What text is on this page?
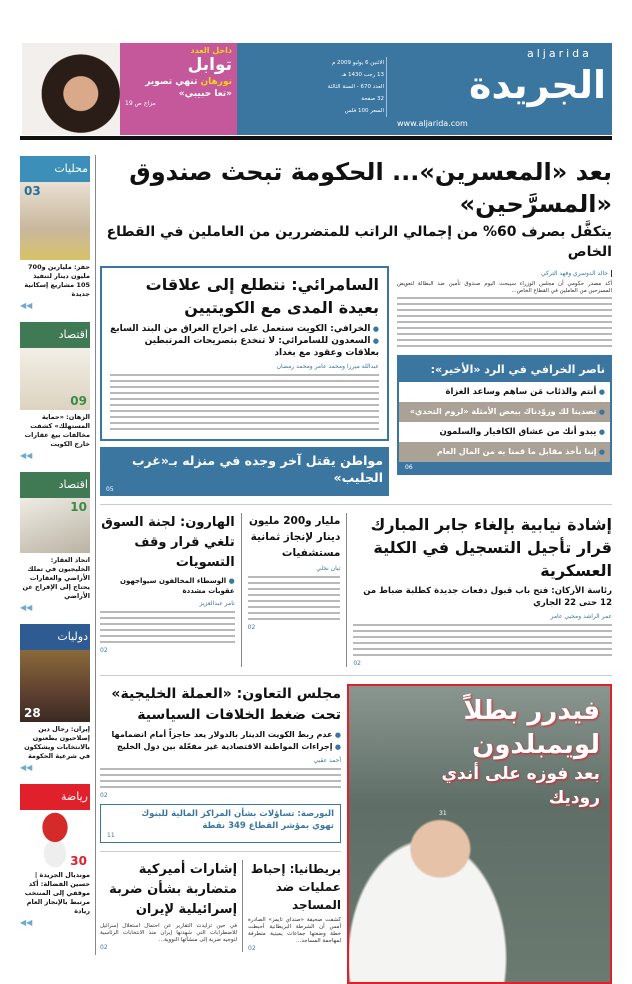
داخل العدد
توابل
نورهان تنهي تصوير
«تعا حبيبي»
مزاج ص 19
الاثنين 6 يوليو 2009 م
13 رجب 1430 هـ
العدد 670 - السنة الثالثة
32 صفحة
السعر 100 فلس
aljarida
الجريدة
www.aljarida.com
محليات
03
حفر: مليارين و700 مليون دينار لتنفيذ 105 مشاريع إسكانية جديدة
◀◀
اقتصاد
09
الزهان: «حماية المستهلك» كشفت مخالفات بيع عقارات خارج الكويت
◀◀
اقتصاد
10
اتحاد العقار: الخليجيون في تملك الأراضي والعقارات يحتاج إلى الإفراج عن الأراضي
◀◀
دوليات
28
إيران: رجال دين إصلاحيون يطعنون بالانتخابات ويشككون في شرعية الحكومة
◀◀
رياضة
30
مونديال الجريدة | حسين الفضالة: أكد موقفي إلى المنتخب مرتبط بالإنجاز العام ريادة
◀◀
بعد «المعسرين»... الحكومة تبحث صندوق «المسرَّحين»
يتكفَّل بصرف 60% من إجمالي الراتب للمتضررين من العاملين في القطاع الخاص
خالد الدوسري وفهد التركي
أكد مصدر حكومي أن مجلس الوزراء سيبحث اليوم صندوق تأمين ضد البطالة لتعويض المسرحين من العاملين في القطاع الخاص...
ناصر الخرافي في الرد «الأخير»:
● أنتم والذئاب مَن ساهم وساعد الغزاة
● تصدينا لك وزوّدناك ببعض الأمثلة «لزوم التحدي»
● يبدو أنك من عشاق الكافيار والسلمون
● إننا نأخذ مقابل ما قمنا به من المال العام
06
السامرائي: نتطلع إلى علاقات بعيدة المدى مع الكويتيين
● الخرافي: الكويت ستعمل على إخراج العراق من البند السابع
● السعدون للسامرائي: لا تنخدع بتصريحات المرتبطين بعلاقات وعقود مع بغداد
عبدالله ميرزا ومحمد عامر ومحمد رمضان
مواطن يقتل آخر وجده في منزله بـ«غرب الجليب»
05
إشادة نيابية بإلغاء جابر المبارك قرار تأجيل التسجيل في الكلية العسكرية
رئاسة الأركان: فتح باب قبول دفعات جديدة كطلبة ضباط من 12 حتى 22 الجاري
عمر الراشد ومحيي عامر
02
مليار و200 مليون دينار لإنجاز ثمانية مستشفيات
تيان نخلي
02
الهارون: لجنة السوق تلغي قرار وقف التسويات
● الوسطاء المخالفون سيواجهون عقوبات مشددة
تامر عبدالعزيز
02
فيدرر بطلاً
لويمبلدون
بعد فوزه على أندي
روديك
31
مجلس التعاون: «العملة الخليجية» تحت ضغط الخلافات السياسية
● عدم ربط الكويت الدينار بالدولار يعد حاجزاً أمام انضمامها
● إجراءات المواطنة الاقتصادية غير مفعّلة بين دول الخليج
أحمد عقبي
02
البورصة: تساؤلات بشأن المراكز المالية للبنوك
تهوي بمؤشر القطاع 349 نقطة
11
بريطانيا: إحباط عمليات ضد المساجد
كشفت صحيفة «صنداي تايمز» الصادرة أمس أن الشرطة البريطانية أحبطت خطة وضعتها جماعات يمينية متطرفة لمهاجمة المساجد...
02
إشارات أميركية متضاربة بشأن ضربة إسرائيلية لإيران
في حين تزايدت التقارير عن احتمال استغلال إسرائيل للاضطرابات التي شهدتها إيران منذ الانتخابات الرئاسية لتوجيه ضربة إلى منشآتها النووية...
02
